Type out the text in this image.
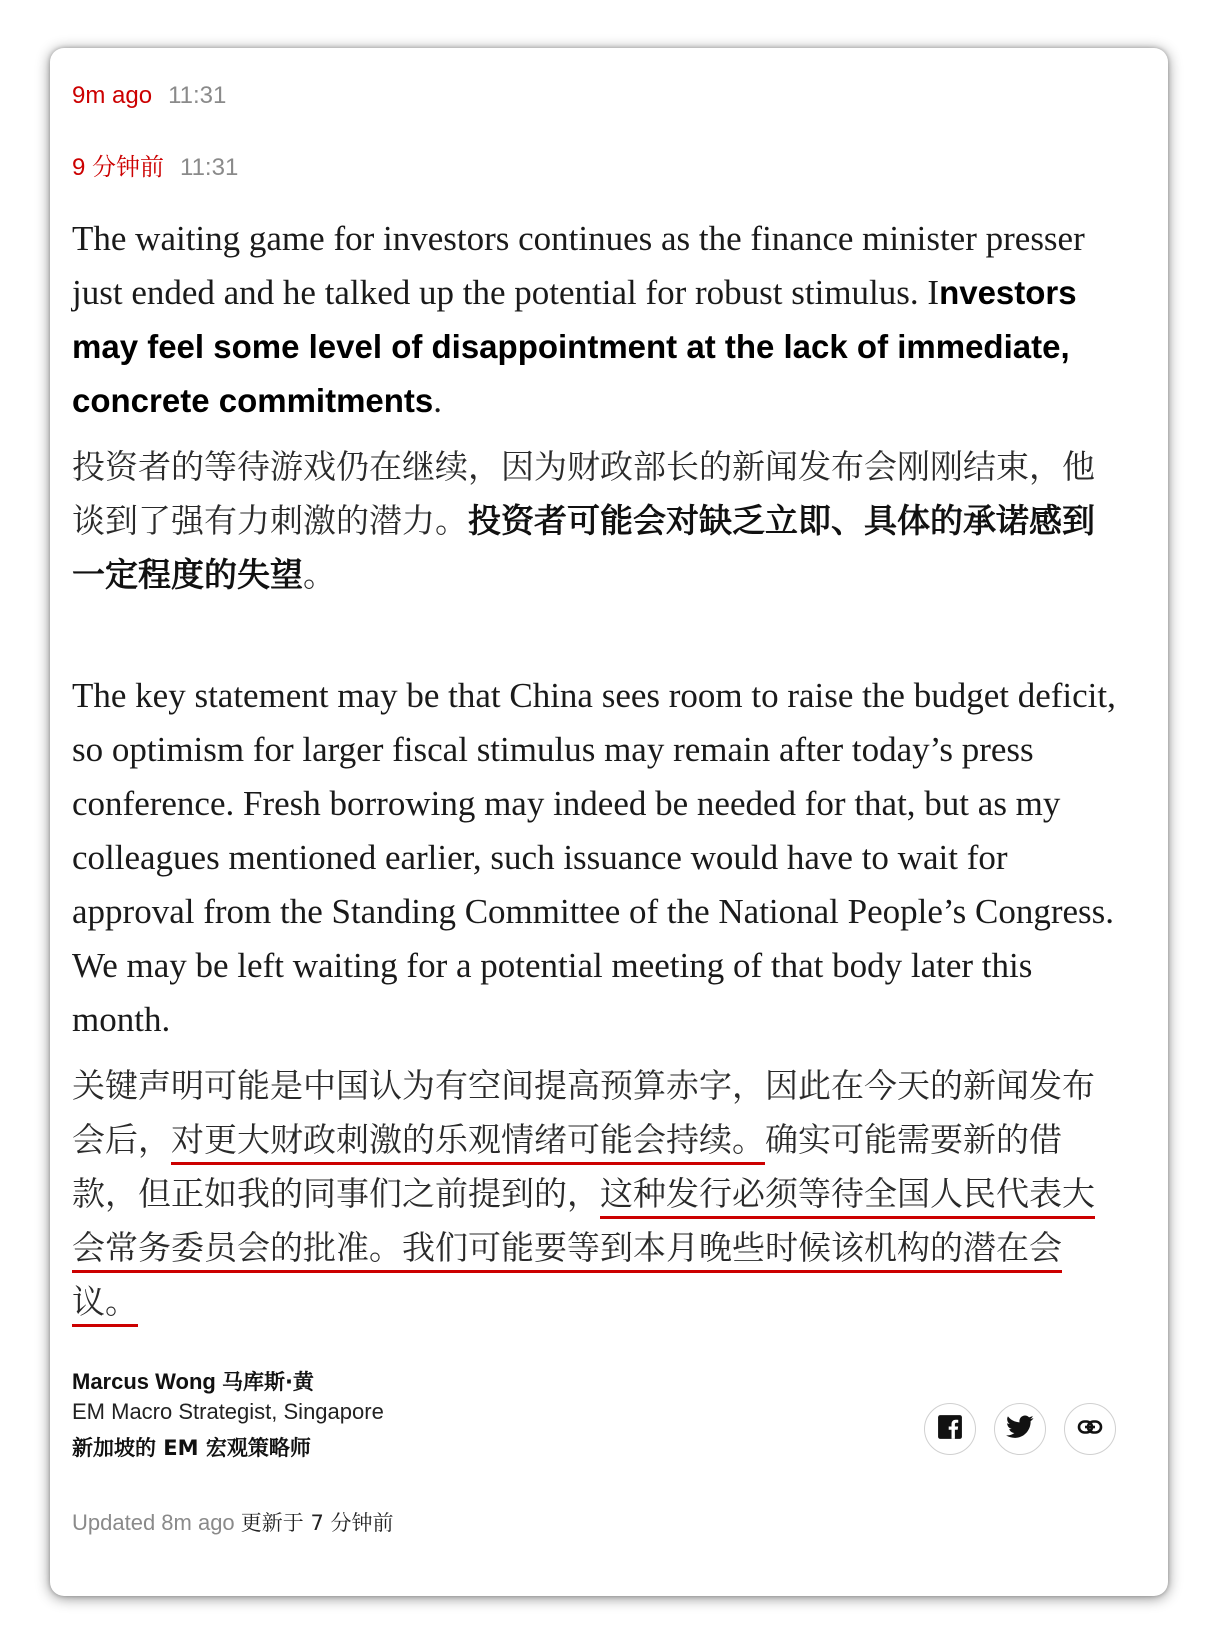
9m ago 11:31
9 分钟前 11:31

The waiting game for investors continues as the finance minister presser just ended and he talked up the potential for robust stimulus. Investors may feel some level of disappointment at the lack of immediate, concrete commitments.

投资者的等待游戏仍在继续，因为财政部长的新闻发布会刚刚结束，他谈到了强有力刺激的潜力。投资者可能会对缺乏立即、具体的承诺感到一定程度的失望。

The key statement may be that China sees room to raise the budget deficit, so optimism for larger fiscal stimulus may remain after today’s press conference. Fresh borrowing may indeed be needed for that, but as my colleagues mentioned earlier, such issuance would have to wait for approval from the Standing Committee of the National People’s Congress. We may be left waiting for a potential meeting of that body later this month.

关键声明可能是中国认为有空间提高预算赤字，因此在今天的新闻发布会后，对更大财政刺激的乐观情绪可能会持续。确实可能需要新的借款，但正如我的同事们之前提到的，这种发行必须等待全国人民代表大会常务委员会的批准。我们可能要等到本月晚些时候该机构的潜在会议。

Marcus Wong 马库斯·黄
EM Macro Strategist, Singapore
新加坡的 EM 宏观策略师
Updated 8m ago 更新于 7 分钟前
